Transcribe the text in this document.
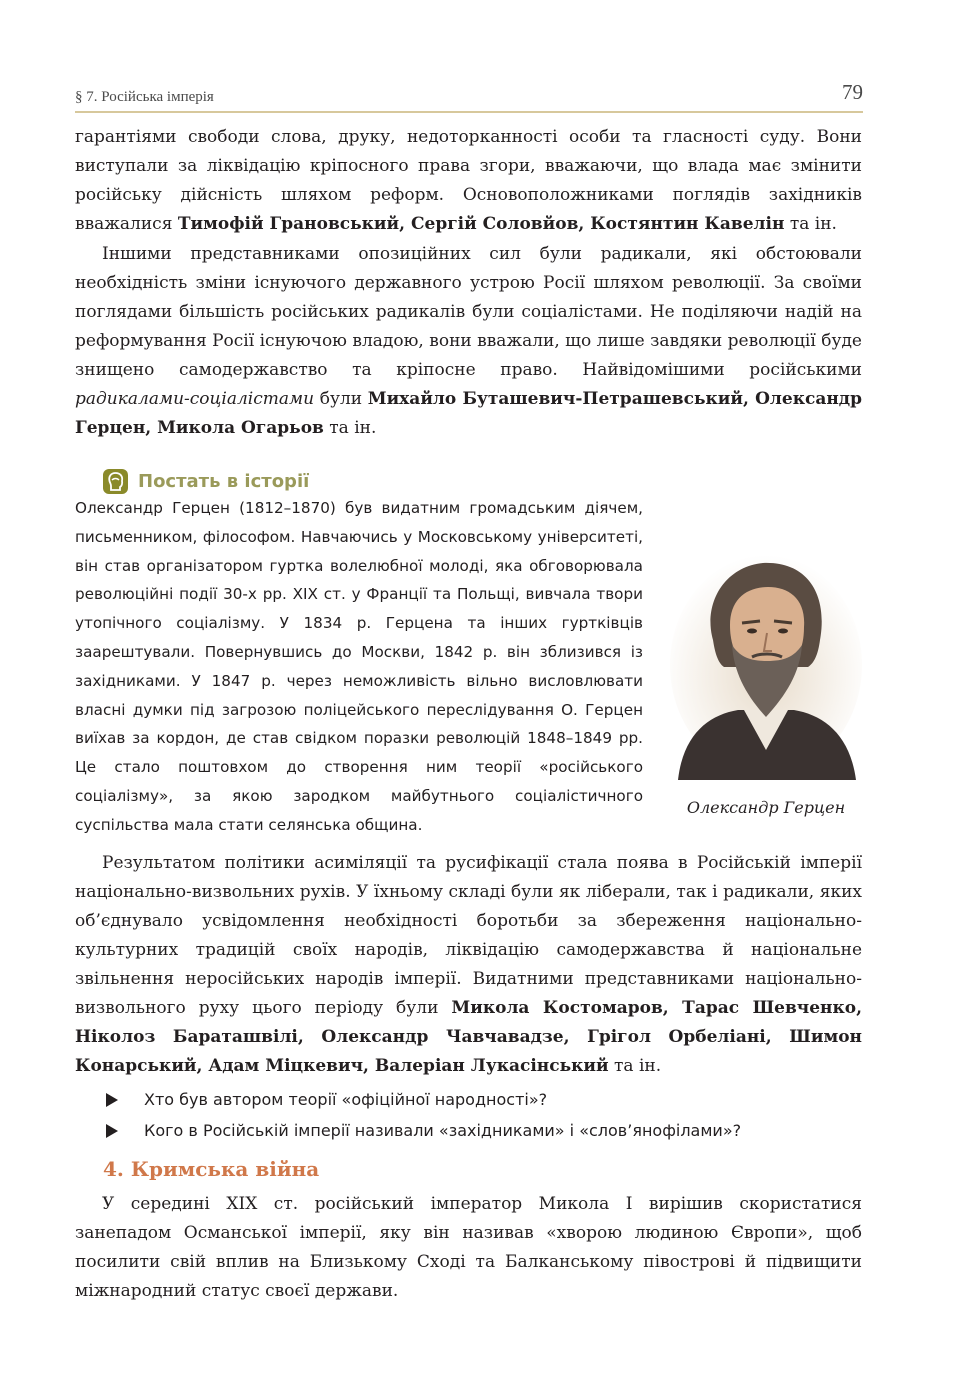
§ 7. Російська імперія	79

гарантіями свободи слова, друку, недоторканності особи та гласності суду. Вони виступали за ліквідацію кріпосного права згори, вважаючи, що влада має змінити російську дійсність шляхом реформ. Основоположниками поглядів західників вважалися Тимофій Грановський, Сергій Соловйов, Костянтин Кавелін та ін.

Іншими представниками опозиційних сил були радикали, які обстоювали необхідність зміни існуючого державного устрою Росії шляхом революції. За своїми поглядами більшість російських радикалів були соціалістами. Не поділяючи надій на реформування Росії існуючою владою, вони вважали, що лише завдяки революції буде знищено самодержавство та кріпосне право. Найвідомішими російськими радикалами-соціалістами були Михайло Буташевич-Петрашевський, Олександр Герцен, Микола Огарьов та ін.

Постать в історії

Олександр Герцен (1812–1870) був видатним громадським діячем, письменником, філософом. Навчаючись у Московському університеті, він став організатором гуртка волелюбної молоді, яка обговорювала революційні події 30-х рр. XIX ст. у Франції та Польщі, вивчала твори утопічного соціалізму. У 1834 р. Герцена та інших гуртківців заарештували. Повернувшись до Москви, 1842 р. він зблизився із західниками. У 1847 р. через неможливість вільно висловлювати власні думки під загрозою поліцейського переслідування О. Герцен виїхав за кордон, де став свідком поразки революцій 1848–1849 рр. Це стало поштовхом до створення ним теорії «російського соціалізму», за якою зародком майбутнього соціалістичного суспільства мала стати селянська община.

Олександр Герцен

Результатом політики асиміляції та русифікації стала поява в Російській імперії національно-визвольних рухів. У їхньому складі були як ліберали, так і радикали, яких об’єднувало усвідомлення необхідності боротьби за збереження національно-культурних традицій своїх народів, ліквідацію самодержавства й національне звільнення неросійських народів імперії. Видатними представниками національно-визвольного руху цього періоду були Микола Костомаров, Тарас Шевченко, Ніколоз Бараташвілі, Олександр Чавчавадзе, Грігол Орбеліані, Шимон Конарський, Адам Міцкевич, Валеріан Лукасінський та ін.

Хто був автором теорії «офіційної народності»?
Кого в Російській імперії називали «західниками» і «слов’янофілами»?
4. Кримська війна

У середині XIX ст. російський імператор Микола I вирішив скористатися занепадом Османської імперії, яку він називав «хворою людиною Європи», щоб посилити свій вплив на Близькому Сході та Балканському півострові й підвищити міжнародний статус своєї держави.
